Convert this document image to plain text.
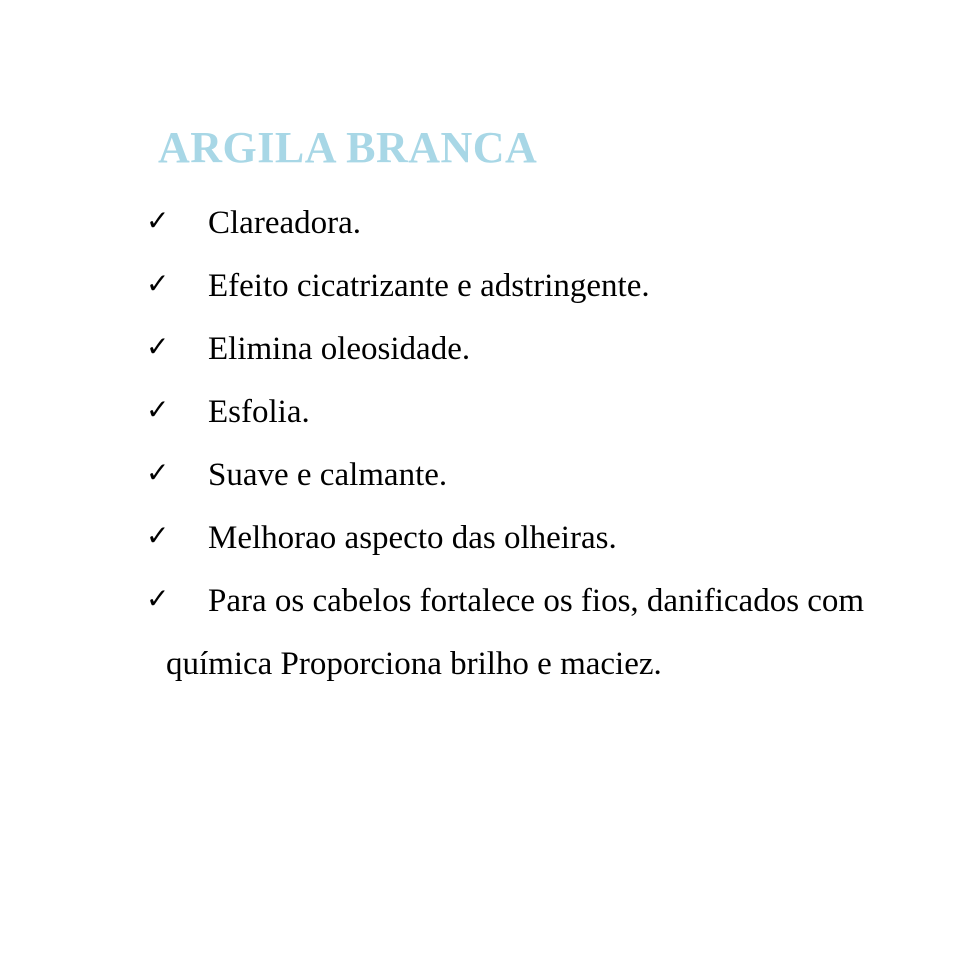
ARGILA BRANCA
✓ Clareadora.
✓ Efeito cicatrizante e adstringente.
✓ Elimina oleosidade.
✓ Esfolia.
✓ Suave e calmante.
✓ Melhorao aspecto das olheiras.
✓ Para os cabelos fortalece os fios, danificados com
química Proporciona brilho e maciez.
